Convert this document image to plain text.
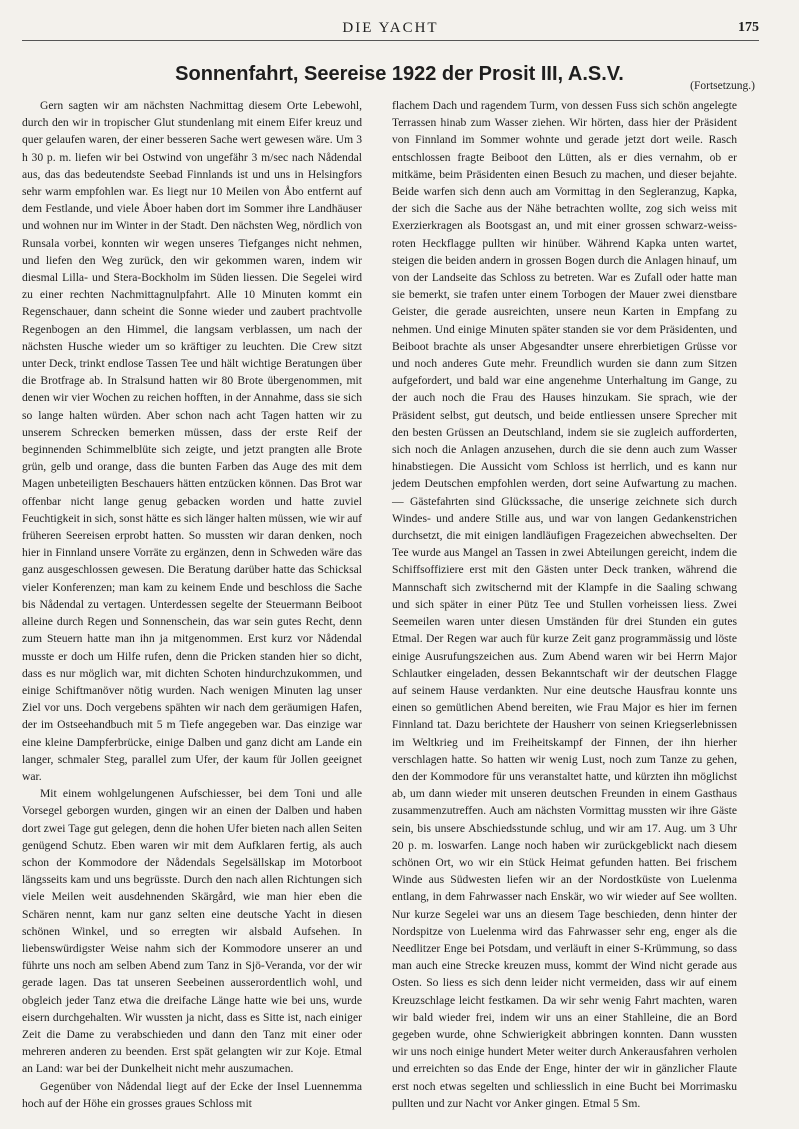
DIE YACHT	175
Sonnenfahrt, Seereise 1922 der Prosit III, A.S.V.
(Fortsetzung.)

Gern sagten wir am nächsten Nachmittag diesem Orte Lebewohl, durch den wir in tropischer Glut stundenlang mit einem Eifer kreuz und quer gelaufen waren, der einer besseren Sache wert gewesen wäre. Um 3 h 30 p. m. liefen wir bei Ostwind von ungefähr 3 m/sec nach Nådendal aus, das das bedeutendste Seebad Finnlands ist und uns in Helsingfors sehr warm empfohlen war. Es liegt nur 10 Meilen von Åbo entfernt auf dem Festlande, und viele Åboer haben dort im Sommer ihre Landhäuser und wohnen nur im Winter in der Stadt. Den nächsten Weg, nördlich von Runsala vorbei, konnten wir wegen unseres Tiefganges nicht nehmen, und liefen den Weg zurück, den wir gekommen waren, indem wir diesmal Lilla- und Stera-Bockholm im Süden liessen. Die Segelei wird zu einer rechten Nachmittagnulpfahrt. Alle 10 Minuten kommt ein Regenschauer, dann scheint die Sonne wieder und zaubert prachtvolle Regenbogen an den Himmel, die langsam verblassen, um nach der nächsten Husche wieder um so kräftiger zu leuchten. Die Crew sitzt unter Deck, trinkt endlose Tassen Tee und hält wichtige Beratungen über die Brotfrage ab. In Stralsund hatten wir 80 Brote übergenommen, mit denen wir vier Wochen zu reichen hofften, in der Annahme, dass sie sich so lange halten würden. Aber schon nach acht Tagen hatten wir zu unserem Schrecken bemerken müssen, dass der erste Reif der beginnenden Schimmelblüte sich zeigte, und jetzt prangten alle Brote grün, gelb und orange, dass die bunten Farben das Auge des mit dem Magen unbeteiligten Beschauers hätten entzücken können. Das Brot war offenbar nicht lange genug gebacken worden und hatte zuviel Feuchtigkeit in sich, sonst hätte es sich länger halten müssen, wie wir auf früheren Seereisen erprobt hatten. So mussten wir daran denken, noch hier in Finnland unsere Vorräte zu ergänzen, denn in Schweden wäre das ganz ausgeschlossen gewesen. Die Beratung darüber hatte das Schicksal vieler Konferenzen; man kam zu keinem Ende und beschloss die Sache bis Nådendal zu vertagen. Unterdessen segelte der Steuermann Beiboot alleine durch Regen und Sonnenschein, das war sein gutes Recht, denn zum Steuern hatte man ihn ja mitgenommen. Erst kurz vor Nådendal musste er doch um Hilfe rufen, denn die Pricken standen hier so dicht, dass es nur möglich war, mit dichten Schoten hindurchzukommen, und einige Schiftmanöver nötig wurden. Nach wenigen Minuten lag unser Ziel vor uns. Doch vergebens spähten wir nach dem geräumigen Hafen, der im Ostseehandbuch mit 5 m Tiefe angegeben war. Das einzige war eine kleine Dampferbrücke, einige Dalben und ganz dicht am Lande ein langer, schmaler Steg, parallel zum Ufer, der kaum für Jollen geeignet war.

Mit einem wohlgelungenen Aufschiesser, bei dem Toni und alle Vorsegel geborgen wurden, gingen wir an einen der Dalben und haben dort zwei Tage gut gelegen, denn die hohen Ufer bieten nach allen Seiten genügend Schutz. Eben waren wir mit dem Aufklaren fertig, als auch schon der Kommodore der Nådendals Segelsällskap im Motorboot längsseits kam und uns begrüsste. Durch den nach allen Richtungen sich viele Meilen weit ausdehnenden Skärgård, wie man hier eben die Schären nennt, kam nur ganz selten eine deutsche Yacht in diesen schönen Winkel, und so erregten wir alsbald Aufsehen. In liebenswürdigster Weise nahm sich der Kommodore unserer an und führte uns noch am selben Abend zum Tanz in Sjö-Veranda, vor der wir gerade lagen. Das tat unseren Seebeinen ausserordentlich wohl, und obgleich jeder Tanz etwa die dreifache Länge hatte wie bei uns, wurde eisern durchgehalten. Wir wussten ja nicht, dass es Sitte ist, nach einiger Zeit die Dame zu verabschieden und dann den Tanz mit einer oder mehreren anderen zu beenden. Erst spät gelangten wir zur Koje. Etmal an Land: war bei der Dunkelheit nicht mehr auszumachen.

Gegenüber von Nådendal liegt auf der Ecke der Insel Luennemma hoch auf der Höhe ein grosses graues Schloss mit

flachem Dach und ragendem Turm, von dessen Fuss sich schön angelegte Terrassen hinab zum Wasser ziehen. Wir hörten, dass hier der Präsident von Finnland im Sommer wohnte und gerade jetzt dort weile. Rasch entschlossen fragte Beiboot den Lütten, als er dies vernahm, ob er mitkäme, beim Präsidenten einen Besuch zu machen, und dieser bejahte. Beide warfen sich denn auch am Vormittag in den Segleranzug, Kapka, der sich die Sache aus der Nähe betrachten wollte, zog sich weiss mit Exerzierkragen als Bootsgast an, und mit einer grossen schwarz-weiss-roten Heckflagge pullten wir hinüber. Während Kapka unten wartet, steigen die beiden andern in grossen Bogen durch die Anlagen hinauf, um von der Landseite das Schloss zu betreten. War es Zufall oder hatte man sie bemerkt, sie trafen unter einem Torbogen der Mauer zwei dienstbare Geister, die gerade ausreichten, unsere neun Karten in Empfang zu nehmen. Und einige Minuten später standen sie vor dem Präsidenten, und Beiboot brachte als unser Abgesandter unsere ehrerbietigen Grüsse vor und noch anderes Gute mehr. Freundlich wurden sie dann zum Sitzen aufgefordert, und bald war eine angenehme Unterhaltung im Gange, zu der auch noch die Frau des Hauses hinzukam. Sie sprach, wie der Präsident selbst, gut deutsch, und beide entliessen unsere Sprecher mit den besten Grüssen an Deutschland, indem sie sie zugleich aufforderten, sich noch die Anlagen anzusehen, durch die sie denn auch zum Wasser hinabstiegen. Die Aussicht vom Schloss ist herrlich, und es kann nur jedem Deutschen empfohlen werden, dort seine Aufwartung zu machen. — Gästefahrten sind Glückssache, die unserige zeichnete sich durch Windes- und andere Stille aus, und war von langen Gedankenstrichen durchsetzt, die mit einigen landläufigen Fragezeichen abwechselten. Der Tee wurde aus Mangel an Tassen in zwei Abteilungen gereicht, indem die Schiffsoffiziere erst mit den Gästen unter Deck tranken, während die Mannschaft sich zwitschernd mit der Klampfe in die Saaling schwang und sich später in einer Pütz Tee und Stullen vorheissen liess. Zwei Seemeilen waren unter diesen Umständen für drei Stunden ein gutes Etmal. Der Regen war auch für kurze Zeit ganz programmässig und löste einige Ausrufungszeichen aus. Zum Abend waren wir bei Herrn Major Schlautker eingeladen, dessen Bekanntschaft wir der deutschen Flagge auf seinem Hause verdankten. Nur eine deutsche Hausfrau konnte uns einen so gemütlichen Abend bereiten, wie Frau Major es hier im fernen Finnland tat. Dazu berichtete der Hausherr von seinen Kriegserlebnissen im Weltkrieg und im Freiheitskampf der Finnen, der ihn hierher verschlagen hatte. So hatten wir wenig Lust, noch zum Tanze zu gehen, den der Kommodore für uns veranstaltet hatte, und kürzten ihn möglichst ab, um dann wieder mit unseren deutschen Freunden in einem Gasthaus zusammenzutreffen. Auch am nächsten Vormittag mussten wir ihre Gäste sein, bis unsere Abschiedsstunde schlug, und wir am 17. Aug. um 3 Uhr 20 p. m. loswarfen. Lange noch haben wir zurückgeblickt nach diesem schönen Ort, wo wir ein Stück Heimat gefunden hatten. Bei frischem Winde aus Südwesten liefen wir an der Nordostküste von Luelenma entlang, in dem Fahrwasser nach Enskär, wo wir wieder auf See wollten. Nur kurze Segelei war uns an diesem Tage beschieden, denn hinter der Nordspitze von Luelenma wird das Fahrwasser sehr eng, enger als die Needlitzer Enge bei Potsdam, und verläuft in einer S-Krümmung, so dass man auch eine Strecke kreuzen muss, kommt der Wind nicht gerade aus Osten. So liess es sich denn leider nicht vermeiden, dass wir auf einem Kreuzschlage leicht festkamen. Da wir sehr wenig Fahrt machten, waren wir bald wieder frei, indem wir uns an einer Stahlleine, die an Bord gegeben wurde, ohne Schwierigkeit abbringen konnten. Dann wussten wir uns noch einige hundert Meter weiter durch Ankerausfahren verholen und erreichten so das Ende der Enge, hinter der wir in gänzlicher Flaute erst noch etwas segelten und schliesslich in eine Bucht bei Morrimasku pullten und zur Nacht vor Anker gingen. Etmal 5 Sm.
